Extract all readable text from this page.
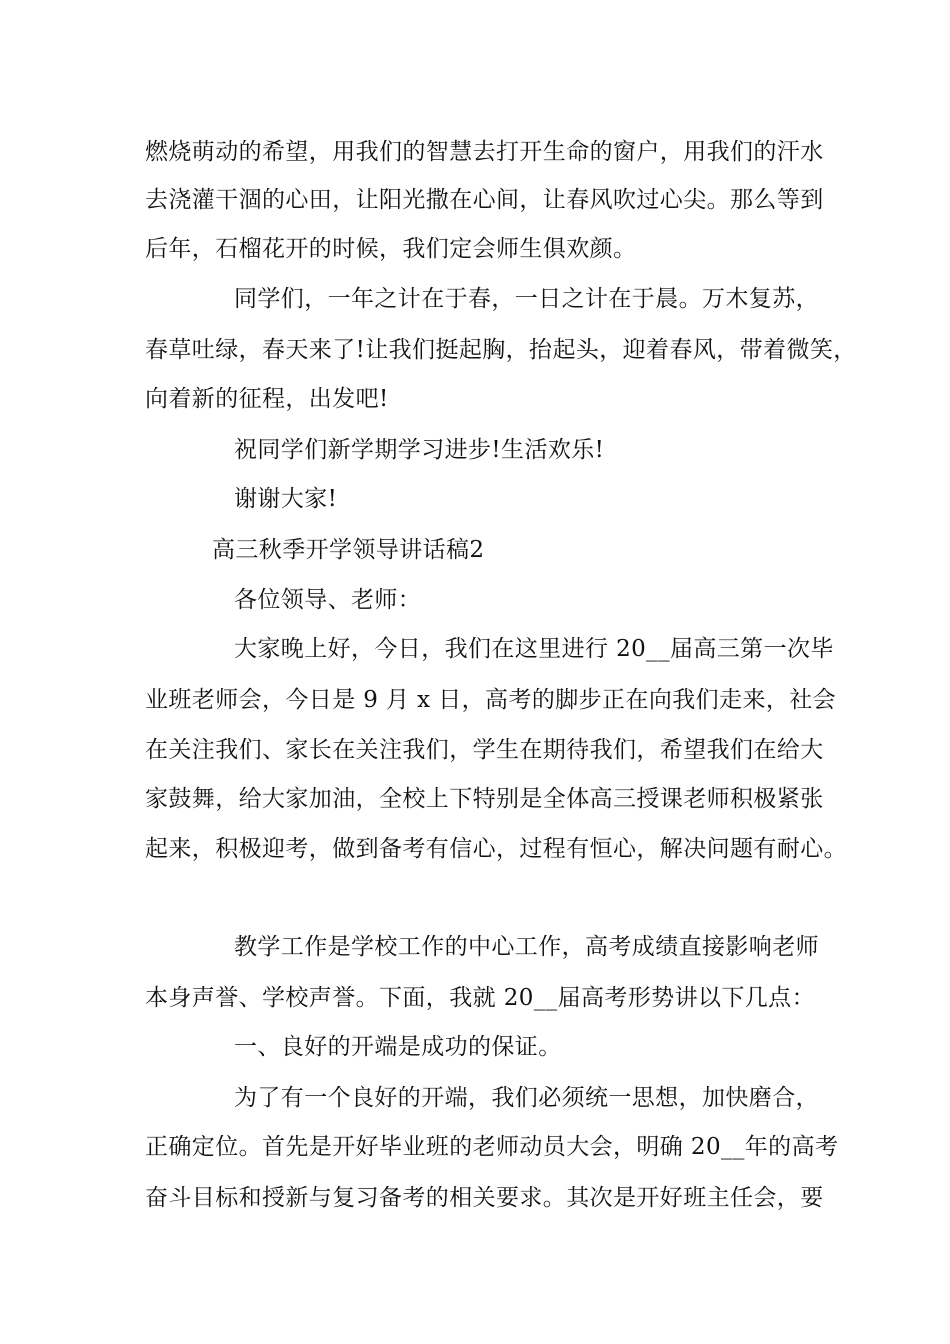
燃烧萌动的希望，用我们的智慧去打开生命的窗户，用我们的汗水
去浇灌干涸的心田，让阳光撒在心间，让春风吹过心尖。那么等到
后年，石榴花开的时候，我们定会师生俱欢颜。
同学们，一年之计在于春，一日之计在于晨。万木复苏，
春草吐绿，春天来了!让我们挺起胸，抬起头，迎着春风，带着微笑，
向着新的征程，出发吧!
祝同学们新学期学习进步!生活欢乐!
谢谢大家!
高三秋季开学领导讲话稿2
各位领导、老师：
大家晚上好，今日，我们在这里进行 20__届高三第一次毕
业班老师会，今日是 9 月 x 日，高考的脚步正在向我们走来，社会
在关注我们、家长在关注我们，学生在期待我们，希望我们在给大
家鼓舞，给大家加油，全校上下特别是全体高三授课老师积极紧张
起来，积极迎考，做到备考有信心，过程有恒心，解决问题有耐心。
教学工作是学校工作的中心工作，高考成绩直接影响老师
本身声誉、学校声誉。下面，我就 20__届高考形势讲以下几点：
一、良好的开端是成功的保证。
为了有一个良好的开端，我们必须统一思想，加快磨合，
正确定位。首先是开好毕业班的老师动员大会，明确 20__年的高考
奋斗目标和授新与复习备考的相关要求。其次是开好班主任会，要
